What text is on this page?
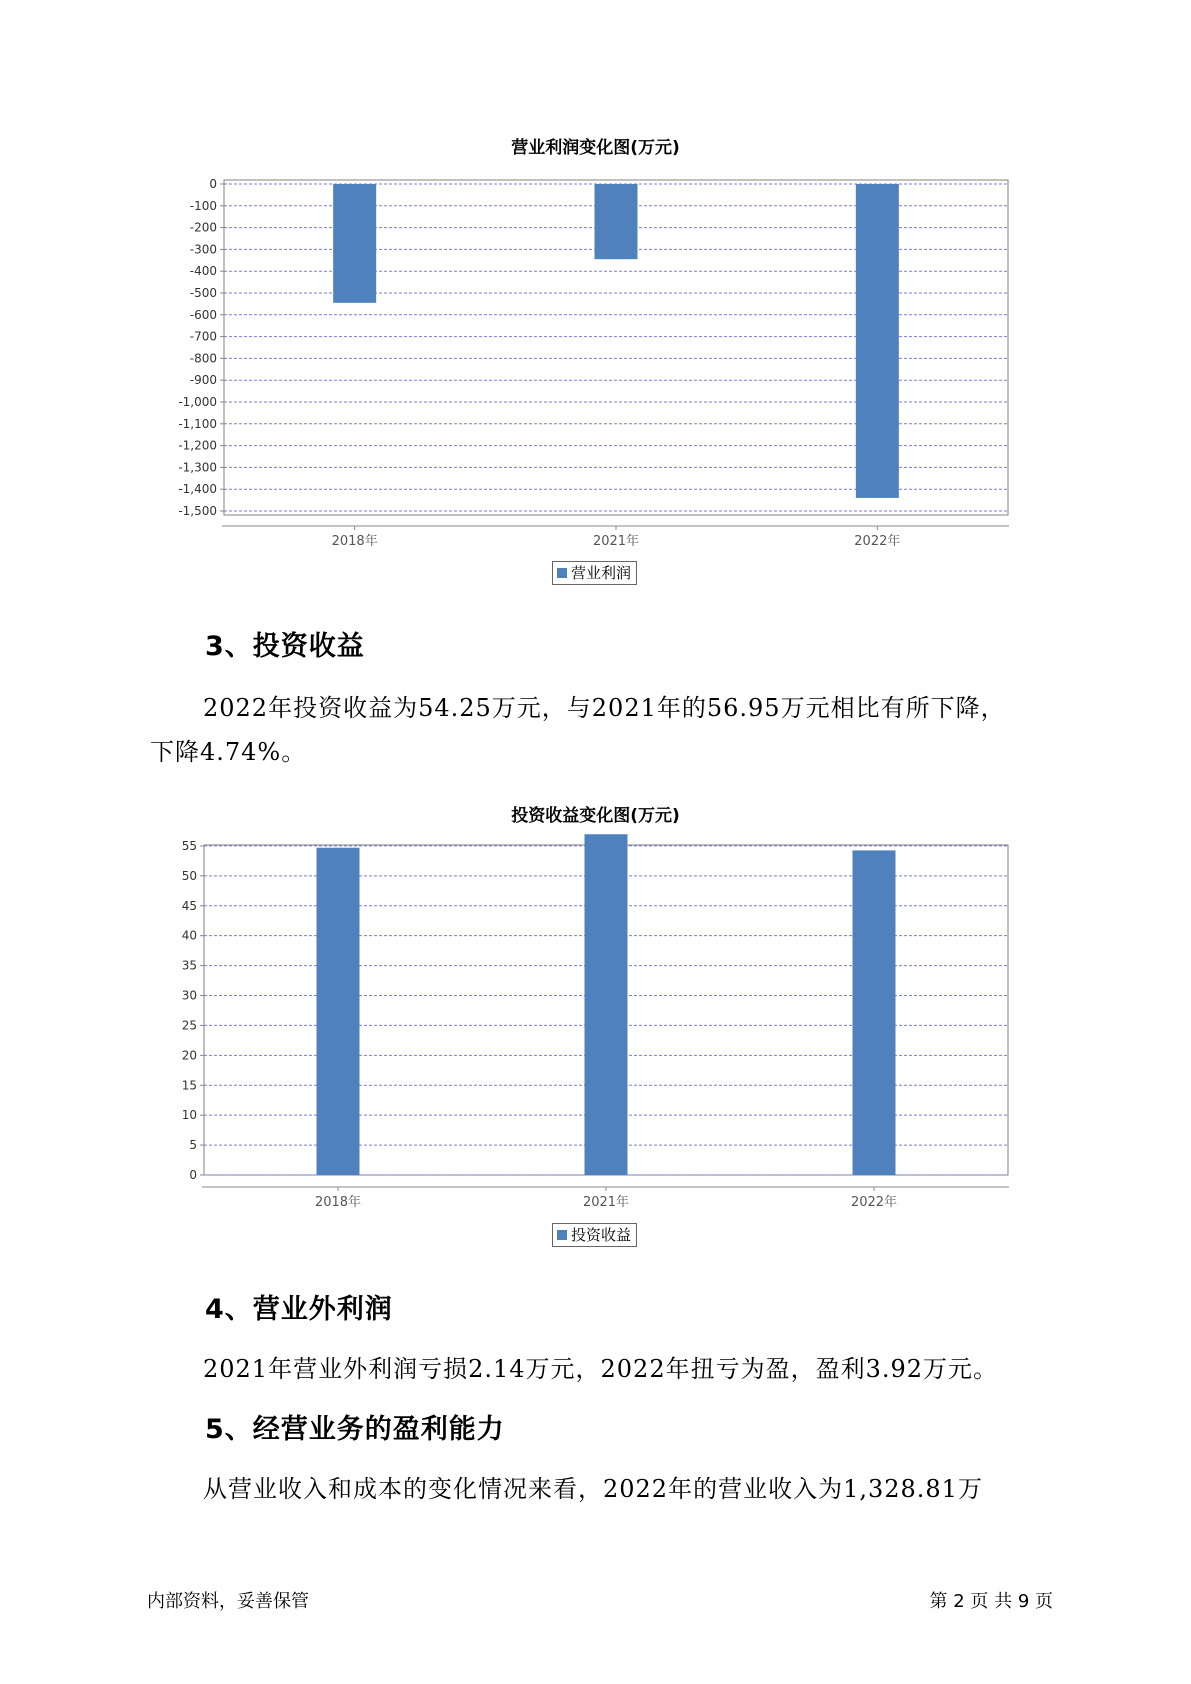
营业利润变化图(万元)
0
-100
-200
-300
-400
-500
-600
-700
-800
-900
-1,000
-1,100
-1,200
-1,300
-1,400
-1,500
2018年	2021年	2022年
营业利润
3、投资收益
2022年投资收益为54.25万元，与2021年的56.95万元相比有所下降，
下降4.74%。
投资收益变化图(万元)
0
5
10
15
20
25
30
35
40
45
50
55
2018年	2021年	2022年
投资收益
4、营业外利润
2021年营业外利润亏损2.14万元，2022年扭亏为盈，盈利3.92万元。
5、经营业务的盈利能力
从营业收入和成本的变化情况来看，2022年的营业收入为1,328.81万
内部资料，妥善保管	第 2 页 共 9 页
